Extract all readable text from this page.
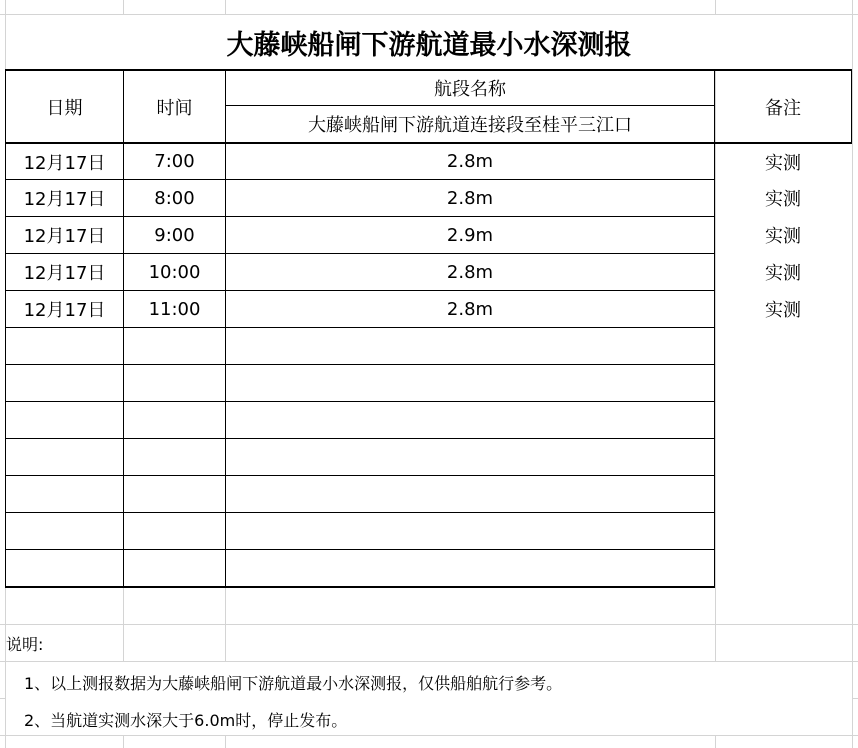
大藤峡船闸下游航道最小水深测报
日期	时间
航段名称
大藤峡船闸下游航道连接段至桂平三江口
备注
12月17日	7:00	2.8m	实测
12月17日	8:00	2.8m	实测
12月17日	9:00	2.9m	实测
12月17日	10:00	2.8m	实测
12月17日	11:00	2.8m	实测
说明:
1、以上测报数据为大藤峡船闸下游航道最小水深测报，仅供船舶航行参考。
2、当航道实测水深大于6.0m时，停止发布。
